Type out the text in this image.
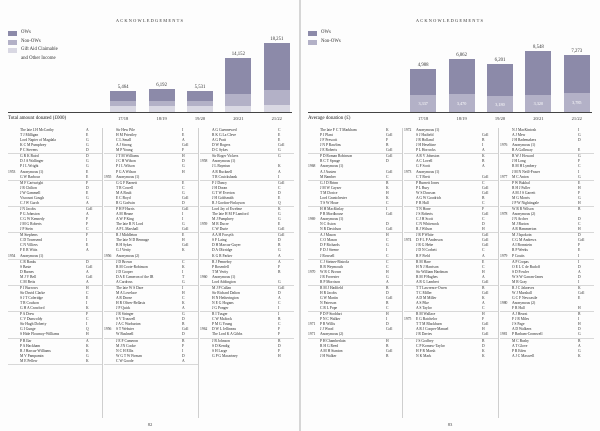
ACKNOWLEDGEMENTS
OWs
Non-OWs
Gift Aid Claimable
and Other Income
5,464
6,192	5,531
14,152
18,251
Total amount donated (£000)	17/18	18/19	19/20	20/21	21/22
The late J.H McCarthy	A
T J Milligan	E
Lord Napier of Magdala	G
K C M Pumphrey	G
P C Stevens	D
G R K Baird	D
D J A Wallinger	G
P J L Wright	G
1953	Anonymous (1)	E
G W Barbour	E
M F Cartwright	F
J R Chilton	D
J W Gammell	E
Viscount Gough	G
C J W Gurch	A
J N Jacobs	Coll
P G Johnston	A
C G W Kennedy	F
J M G Roberts	F
J P Stein	C
M Stephens	F
C D Townsend	I
C N Villiers	E
F E R Witts	A
1954	Anonymous (1)
C R Banks	D
S Baste	Coll
D Barnes	A
M J V Bell	Coll
C M Betts	A
P J Burrows	H
Sir David Clarke	C
S J T Coleridge	E
T R Coulson	I
G H A Crawford	K
P A Drew	F
C V Dunwoldy	C
Sir Hugh Doherty	I
G I Gunge	Q
S Hide Flournoy-Williams	H
P B Ilar	A
P A Hackham	K
R J Harcus-Williams	K
M V Pampamin	G
M E Pellew	K
Sir Hew Pile	I
H M Priestley	E
C L Small	A
A J Strong	Coll
M P Young	F
J T M Williams	H
J C H Wilson	D
P J L Wilson	G
P G A Wilson	H
1955	Anonymous (1)
G G F Barnett	E
T R Cowell	C
M A Boult	G
E C Boyd	Coll
R G Godwin	D
P H P Harris	Coll
A M Heane	I
A W P King	I
The late R N Lord	G
A P L Marshall	Coll
R J Middleton	E
The late N D Rennage	H
B H Sykes	Coll
G J Verity	K
1956	Anonymous (2)
J D Brown	C
R M Coote-Robinson	K
J D Cooper	I
D A E Cameron of the IR	T
A Cardross	G
The late W S Dare	I
M A Lovelace	H
A R Dorne	C
H R Oliver-Bellasis	K
J P Quick	A
J R Stringer	G
S V Truswell	D
J A C Warburton	B
1956	S T Webster	Coll
W Bushnell	D
J E F Cameron	B
M J N Cooke	F
N C H Ellis	I
W G T W Firman	D
C W Goode	A
A G Guennewed	C
R K G La Cleve	E
A G Pratt	E
D W Rogers	Coll
D C Sykes	G
Sir Roger Vickers	G
1958	Anonymous (1)
J L Bayntun	K
A R Bucknell	A
T R Cruickshank	I
F J Dancy	Coll
J H Doran	C
G T W Everton	D
J H Goldsmith	E
R J Gordon-Finlayson	Q
Lord Jay of Ewelme	K
The late H M P Lamford	G
M J Pumphrey	G
1959	M R Ducre	E
C W Durie	Coll
A A H Forsyth	Coll
S F Laing	D
D H Marcus-Guyer	B
D A Olirridge	G
K G R Parker	A
R J Pennebry	A
P Rosenfell	F
T M Verity	B
1960	Anonymous (1)
Lord Addington	G
M J P Callan	Coll
Sir Richard Dalton	D
H N Hetherington	A
N E G Hogans	C
J G Ponger	I
R I Tusger	I
C W Maltock	B
P M G Young	C
1962	D W L Jellineau	F
The Lord K A Gibbs	F
J B Johnson	B
S D Kendig	D
S H Large	F
G P G Macartney	H
82
ACKNOWLEDGEMENTS
OWs
Non-OWs
3,337
4,988
3,470
6,862
3,180
6,201
3,320
8,548
3,785
7,273
Average donation (£)	17/18	18/19	19/20	20/21	21/22
The late F C T Markham	K
P J Plant	Coll
J F Prescott	F
J N P Rawlins	B
J E Roberts	Coll
P D Roman Robinson	Coll
R C T Sprage	D
1968	Anonymous (1)
A J Austen	Coll
M Bamber	C
G J D Brinn	B
J M W Cayzer	K
T M Dorice	H
Lord Grantchester	K
T S W Houe	C
H H MacKinlay	I
P B Mordhouse	Coll
1969	Anonymous (1)
N C Aston	D
N R Davidson	Coll
A J Mason	H
C O Mason	C
D F Richards	G
F D J Steene	I
J Rowsell	C
C J Steiner-Bistrola	C
R B Weymouth	C
1970	W R C Brown	H
J R Forrester	G
R P Morrison	A
R M J Hadfield	B
H R Jacobs	D
G W Martin	Coll
N Paterson	B
C R L Pope	C
P D P Stoddart	H
P N C Walker	I
1971	P R Willis	D
J J Wood	Coll
1971	Anonymous (2)
P H Chamberlain	H
R H G Reed	B
A M H Stanton	Coll
J H Walker	B
1972	Anonymous (1)
S J Hatfield	Coll
J R Holland	B
J H Heseltine	I
P L Horrocks	A
A R V Johnston	K
A C Lovell	B
G F Scott	A
1973	Anonymous (1)
C T Brett	Coll
P Burnett Jones	C
P L Bury	Coll
W S Dawson	Coll
A G W Goodrich	B
F R Hall	C
T N Hone	F
J S Roberts	Coll
C J H Scott	C
C N Whitenock	D
R J Wilson	H
J R P White	Coll
1974	D F L P Anderson	Coll
J R G Hebe	Coll
J D N Corbett	C
R F Field	A
R M Hare	E
H N J Harrison	C
Sir William Hardman	H
R M P Hughes	A
A R G Lambert	Coll
T T Lawrence-Owen	B
T C Miller	Coll
A D M Miller	K
A S Pike	A
A S Taylor	C
R M Wallace	H
1975	E G Batchelor	F
T T M Blackburn	Coll
A R J Cooper-Manuel	H
J R Davies	Coll
J S Godfrey	B
C P Kornaw-Taylor	D
H F R Marsh	K
N K Mark	K
N J MacKintosh	I
A J Mew	G
J H Rademakers	D
1976	Anonymous (1)
R A Gallaway	E
R W J Howard	G
J H Long	F
R M H Lymbery	C
J M N Neill-Fraser	I
1977	M C Anton	G
P W Bukhal	E
R H J Fuller	H
A M J S Garrett	F
M G Morris	G
J P W Nightingale	H
W R R Wilson	B
1978	Anonymous (2)
J N Archer	D
M J Barton	C
A R Hammerton	H
M J Ispokoin	D
C G M Andrews	Coll
A I Bornstein	F
R P Weeks	E
1979	P Coutts	I
A P Cropas	I
O E L C de Budoff	D
S D Fowler	A
W S W Garran-Janes	D
M R Gray	I
R J C Jakeaves	K
W J Marshall	Coll
G C F Newcastle	E
1980	Anonymous (2)
F R Hall	H
A J Hearst	B
F J R Miles	I
J S Page	H
A D Walkern	D
1981	P Barham-Cromwell	G
M C Busby	B
A T Glove	A
P R Eden	G
A J C Maxwell	K
83
